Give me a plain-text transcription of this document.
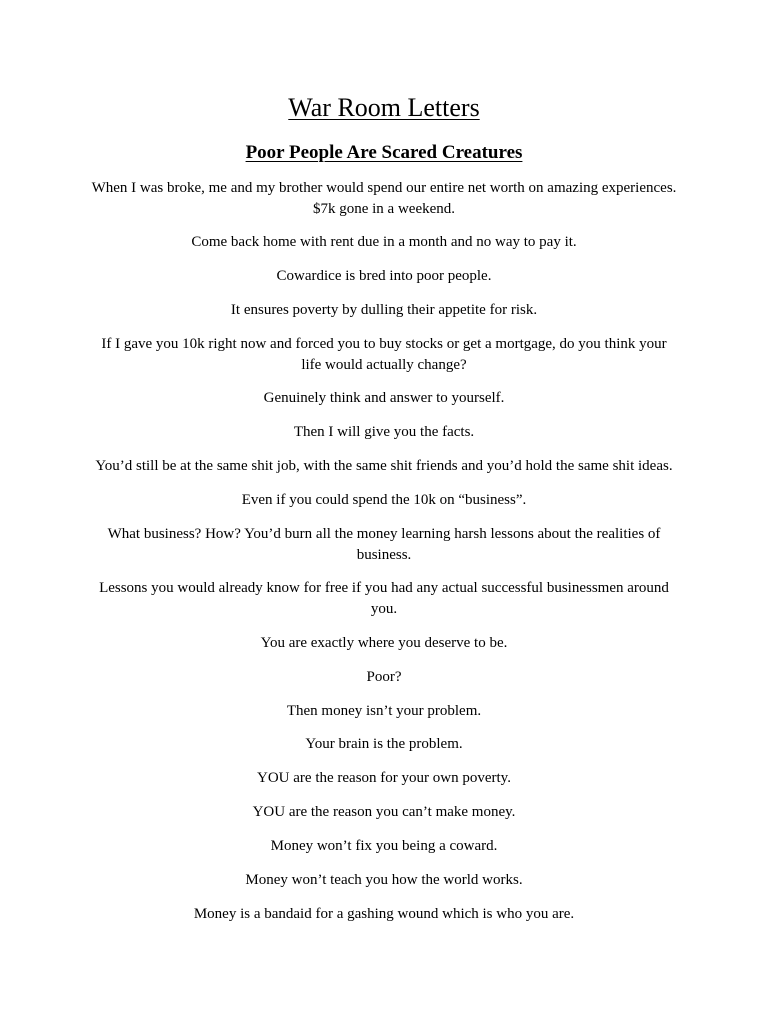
War Room Letters
Poor People Are Scared Creatures

When I was broke, me and my brother would spend our entire net worth on amazing experiences. $7k gone in a weekend.

Come back home with rent due in a month and no way to pay it.

Cowardice is bred into poor people.

It ensures poverty by dulling their appetite for risk.

If I gave you 10k right now and forced you to buy stocks or get a mortgage, do you think your life would actually change?

Genuinely think and answer to yourself.

Then I will give you the facts.

You’d still be at the same shit job, with the same shit friends and you’d hold the same shit ideas.

Even if you could spend the 10k on “business”.

What business? How? You’d burn all the money learning harsh lessons about the realities of business.

Lessons you would already know for free if you had any actual successful businessmen around you.

You are exactly where you deserve to be.

Poor?

Then money isn’t your problem.

Your brain is the problem.

YOU are the reason for your own poverty.

YOU are the reason you can’t make money.

Money won’t fix you being a coward.

Money won’t teach you how the world works.

Money is a bandaid for a gashing wound which is who you are.
